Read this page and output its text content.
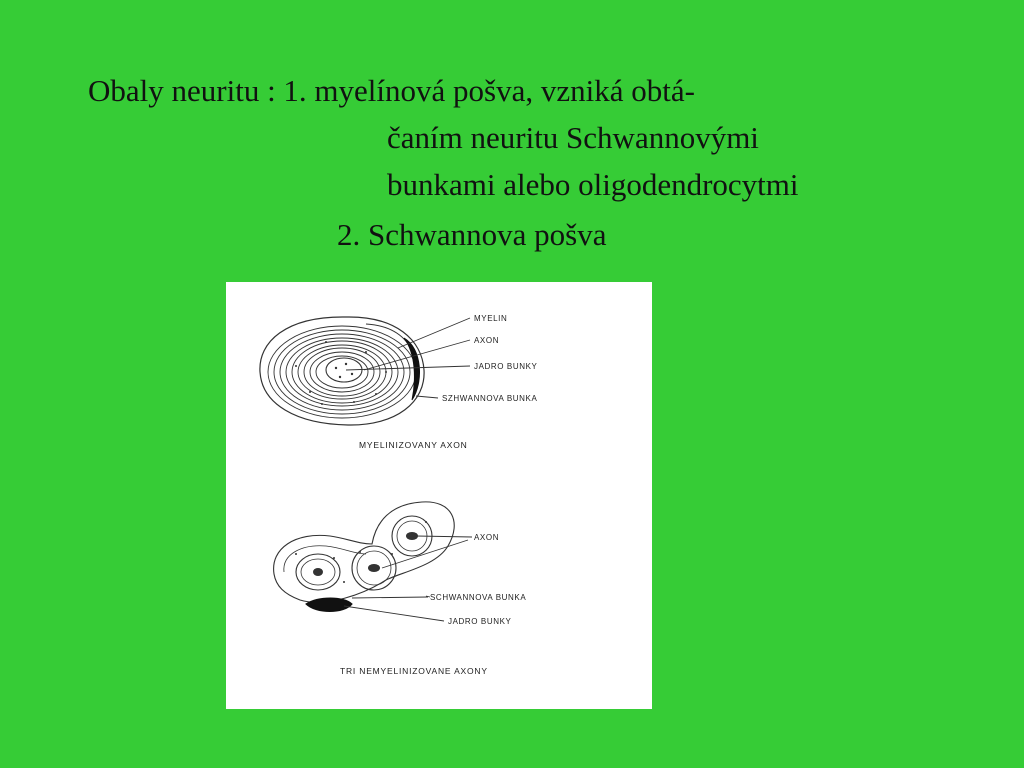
Obaly neuritu : 1. myelínová pošva, vzniká obtá-
čaním neuritu Schwannovými
bunkami alebo oligodendrocytmi
2. Schwannova pošva
MYELIN
AXON
JADRO BUNKY
SZHWANNOVA BUNKA
MYELINIZOVANY AXON
AXON
SCHWANNOVA BUNKA
JADRO BUNKY
TRI NEMYELINIZOVANE AXONY
